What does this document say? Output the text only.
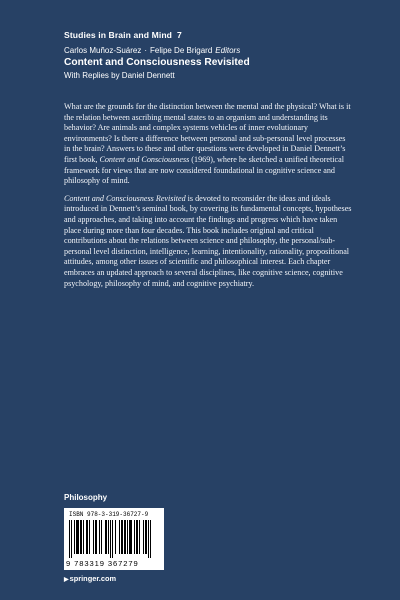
Studies in Brain and Mind 7
Carlos Muñoz-Suárez · Felipe De Brigard Editors
Content and Consciousness Revisited
With Replies by Daniel Dennett

What are the grounds for the distinction between the mental and the physical? What is it the relation between ascribing mental states to an organism and understanding its behavior? Are animals and complex systems vehicles of inner evolutionary environments? Is there a difference between personal and sub-personal level processes in the brain? Answers to these and other questions were developed in Daniel Dennett’s first book, Content and Consciousness (1969), where he sketched a unified theoretical framework for views that are now considered foundational in cognitive science and philosophy of mind.

Content and Consciousness Revisited is devoted to reconsider the ideas and ideals introduced in Dennett’s seminal book, by covering its fundamental concepts, hypotheses and approaches, and taking into account the findings and progress which have taken place during more than four decades. This book includes original and critical contributions about the relations between science and philosophy, the personal/sub-personal level distinction, intelligence, learning, intentionality, rationality, propositional attitudes, among other issues of scientific and philosophical interest. Each chapter embraces an updated approach to several disciplines, like cognitive science, cognitive psychology, philosophy of mind, and cognitive psychiatry.

Philosophy
ISBN 978-3-319-36727-9
9 783319 367279
▶springer.com
